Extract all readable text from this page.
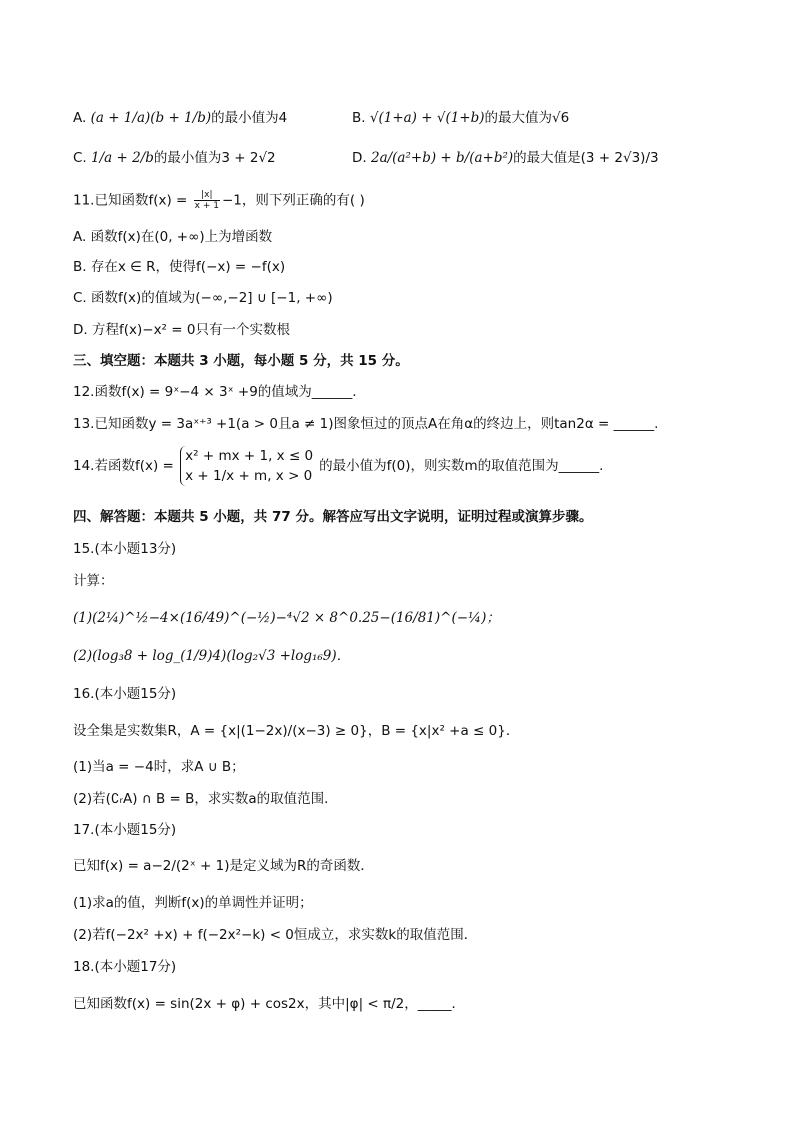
A. (a + 1/a)(b + 1/b)的最小值为4	B. √(1+a) + √(1+b)的最大值为√6
C. 1/a + 2/b的最小值为3 + 2√2	D. 2a/(a²+b) + b/(a+b²)的最大值是(3 + 2√3)/3
11.已知函数$f(x) = \frac{|x|}{x + 1} -1$，则下列正确的有( )
A. 函数f(x)在(0, +∞)上为增函数
B. 存在x ∈ R，使得f(−x) = −f(x)
C. 函数f(x)的值域为(−∞,−2] ∪ [−1, +∞)
D. 方程f(x)−x² = 0只有一个实数根
三、填空题：本题共 3 小题，每小题 5 分，共 15 分。
12.函数f(x) = 9ˣ−4 × 3ˣ +9的值域为______.
13.已知函数y = 3aˣ⁺³ +1(a > 0且a ≠ 1)图象恒过的顶点A在角α的终边上，则tan2α = ______.
14.若函数f(x) =
x² + mx + 1, x ≤ 0
x + 1/x + m, x > 0
的最小值为f(0)，则实数m的取值范围为______.
四、解答题：本题共 5 小题，共 77 分。解答应写出文字说明，证明过程或演算步骤。
15.(本小题13分)
计算：
(1)(2¼)^½−4×(16/49)^(−½)−⁴√2 × 8^0.25−(16/81)^(−¼)；
(2)(log₃8 + log_(1/9)4)(log₂√3 +log₁₆9)．
16.(本小题15分)
设全集是实数集R，A = {x|(1−2x)/(x−3) ≥ 0}，B = {x|x² +a ≤ 0}．
(1)当a = −4时，求A ∪ B；
(2)若(∁ᵣA) ∩ B = B，求实数a的取值范围．
17.(本小题15分)
已知f(x) = a−2/(2ˣ + 1)是定义域为R的奇函数．
(1)求a的值，判断f(x)的单调性并证明；
(2)若f(−2x² +x) + f(−2x²−k) < 0恒成立，求实数k的取值范围．
18.(本小题17分)
已知函数f(x) = sin(2x + φ) + cos2x，其中|φ| < π/2，_____．
